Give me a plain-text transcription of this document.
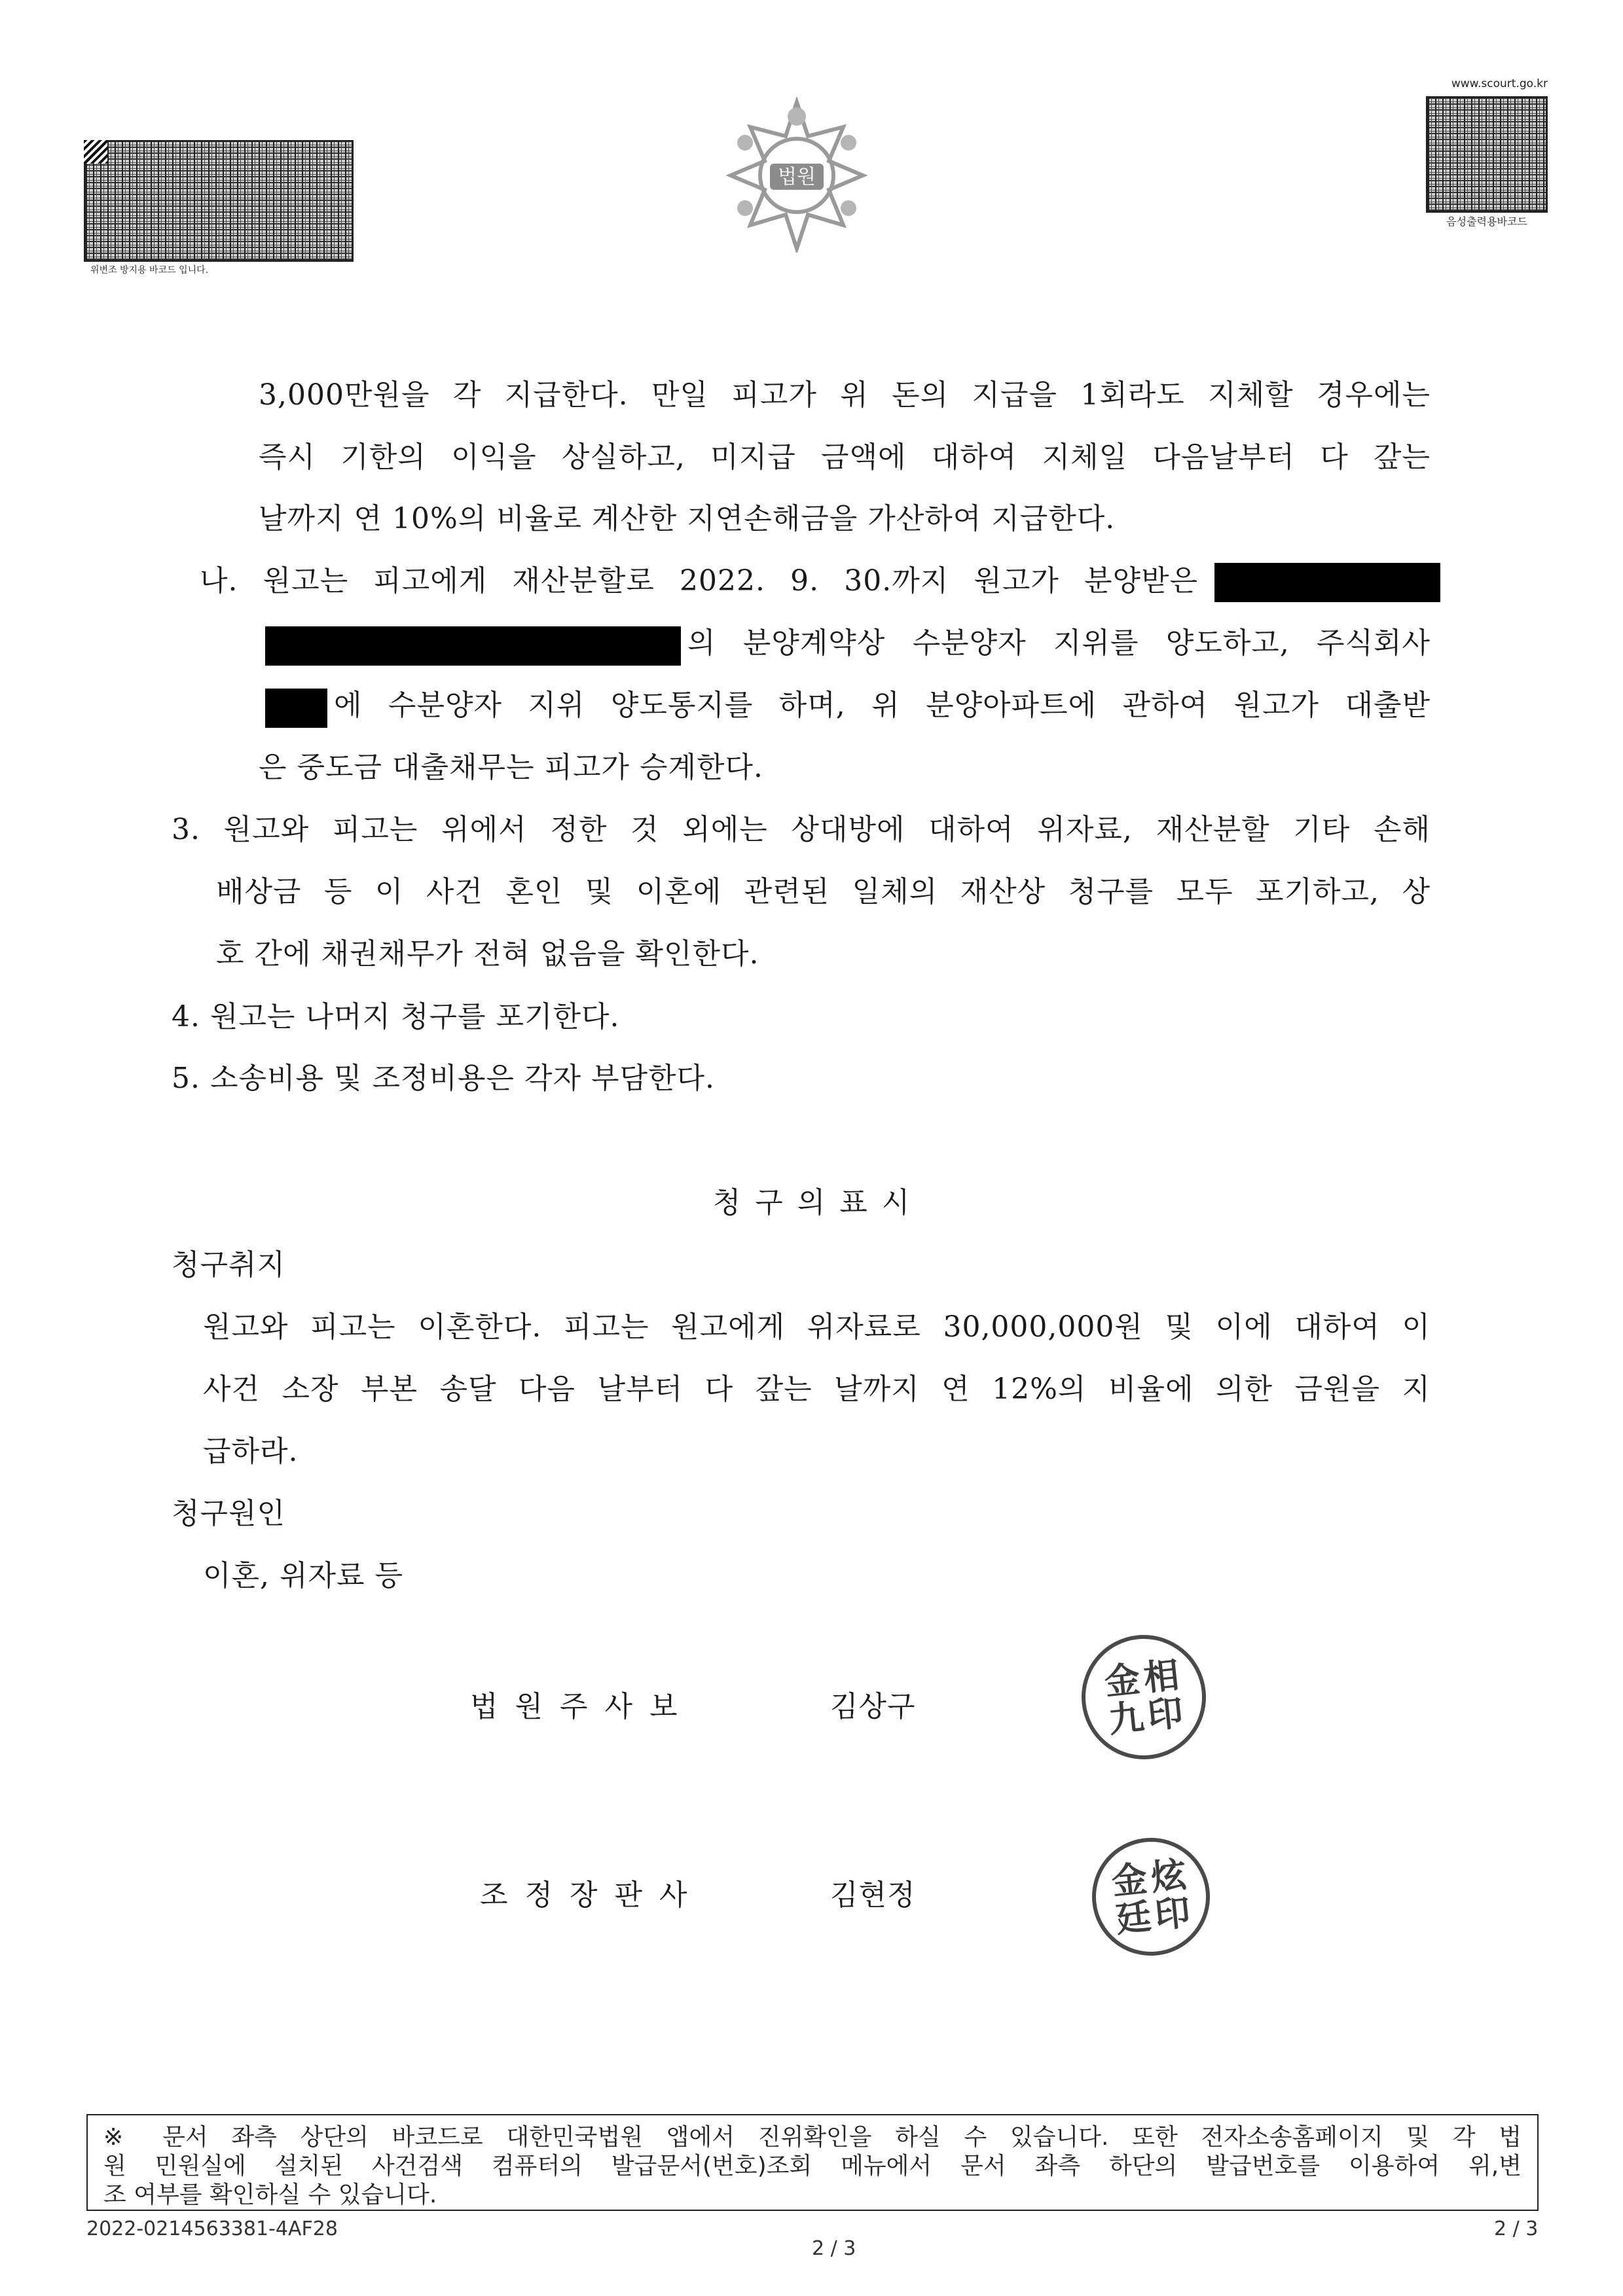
위변조 방지용 바코드 입니다.
법원
www.scourt.go.kr
음성출력용바코드
3,000만원을 각 지급한다. 만일 피고가 위 돈의 지급을 1회라도 지체할 경우에는
즉시 기한의 이익을 상실하고, 미지급 금액에 대하여 지체일 다음날부터 다 갚는
날까지 연 10%의 비율로 계산한 지연손해금을 가산하여 지급한다.
나. 원고는 피고에게 재산분할로 2022. 9. 30.까지 원고가 분양받은
의 분양계약상 수분양자 지위를 양도하고, 주식회사
에 수분양자 지위 양도통지를 하며, 위 분양아파트에 관하여 원고가 대출받
은 중도금 대출채무는 피고가 승계한다.
3. 원고와 피고는 위에서 정한 것 외에는 상대방에 대하여 위자료, 재산분할 기타 손해
배상금 등 이 사건 혼인 및 이혼에 관련된 일체의 재산상 청구를 모두 포기하고, 상
호 간에 채권채무가 전혀 없음을 확인한다.
4. 원고는 나머지 청구를 포기한다.
5. 소송비용 및 조정비용은 각자 부담한다.
청구의표시
청구취지
원고와 피고는 이혼한다. 피고는 원고에게 위자료로 30,000,000원 및 이에 대하여 이
사건 소장 부본 송달 다음 날부터 다 갚는 날까지 연 12%의 비율에 의한 금원을 지
급하라.
청구원인
이혼, 위자료 등
법원주사보	김상구
金 相
九 印
조정장판사	김현정	金 炫
廷 印
※ 문서 좌측 상단의 바코드로 대한민국법원 앱에서 진위확인을 하실 수 있습니다. 또한 전자소송홈페이지 및 각 법
원 민원실에 설치된 사건검색 컴퓨터의 발급문서(번호)조회 메뉴에서 문서 좌측 하단의 발급번호를 이용하여 위,변
조 여부를 확인하실 수 있습니다.
2022-0214563381-4AF28
2 / 3
2 / 3
